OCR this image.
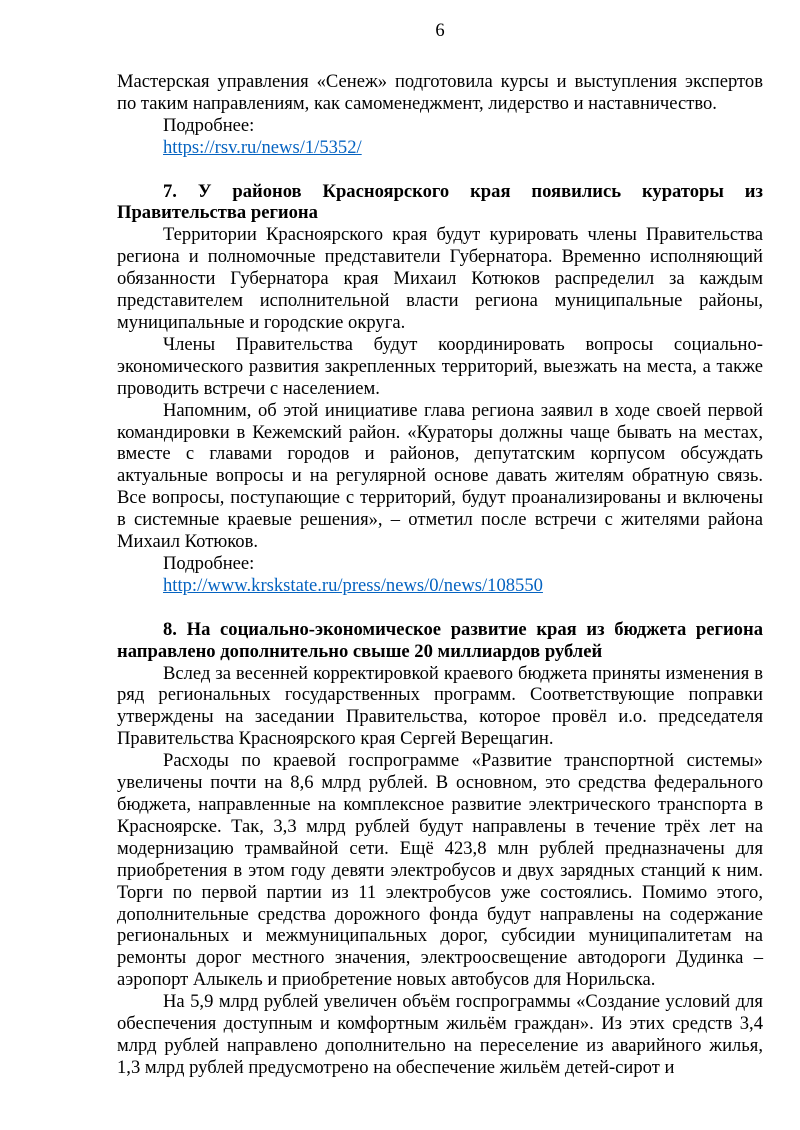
6

Мастерская управления «Сенеж» подготовила курсы и выступления экспертов по таким направлениям, как самоменеджмент, лидерство и наставничество.

Подробнее:

https://rsv.ru/news/1/5352/

7. У районов Красноярского края появились кураторы из Правительства региона

Территории Красноярского края будут курировать члены Правительства региона и полномочные представители Губернатора. Временно исполняющий обязанности Губернатора края Михаил Котюков распределил за каждым представителем исполнительной власти региона муниципальные районы, муниципальные и городские округа.

Члены Правительства будут координировать вопросы социально-экономического развития закрепленных территорий, выезжать на места, а также проводить встречи с населением.

Напомним, об этой инициативе глава региона заявил в ходе своей первой командировки в Кежемский район. «Кураторы должны чаще бывать на местах, вместе с главами городов и районов, депутатским корпусом обсуждать актуальные вопросы и на регулярной основе давать жителям обратную связь. Все вопросы, поступающие с территорий, будут проанализированы и включены в системные краевые решения», – отметил после встречи с жителями района Михаил Котюков.

Подробнее:

http://www.krskstate.ru/press/news/0/news/108550

8. На социально-экономическое развитие края из бюджета региона направлено дополнительно свыше 20 миллиардов рублей

Вслед за весенней корректировкой краевого бюджета приняты изменения в ряд региональных государственных программ. Соответствующие поправки утверждены на заседании Правительства, которое провёл и.о. председателя Правительства Красноярского края Сергей Верещагин.

Расходы по краевой госпрограмме «Развитие транспортной системы» увеличены почти на 8,6 млрд рублей. В основном, это средства федерального бюджета, направленные на комплексное развитие электрического транспорта в Красноярске. Так, 3,3 млрд рублей будут направлены в течение трёх лет на модернизацию трамвайной сети. Ещё 423,8 млн рублей предназначены для приобретения в этом году девяти электробусов и двух зарядных станций к ним. Торги по первой партии из 11 электробусов уже состоялись. Помимо этого, дополнительные средства дорожного фонда будут направлены на содержание региональных и межмуниципальных дорог, субсидии муниципалитетам на ремонты дорог местного значения, электроосвещение автодороги Дудинка – аэропорт Алыкель и приобретение новых автобусов для Норильска.

На 5,9 млрд рублей увеличен объём госпрограммы «Создание условий для обеспечения доступным и комфортным жильём граждан». Из этих средств 3,4 млрд рублей направлено дополнительно на переселение из аварийного жилья, 1,3 млрд рублей предусмотрено на обеспечение жильём детей-сирот и
